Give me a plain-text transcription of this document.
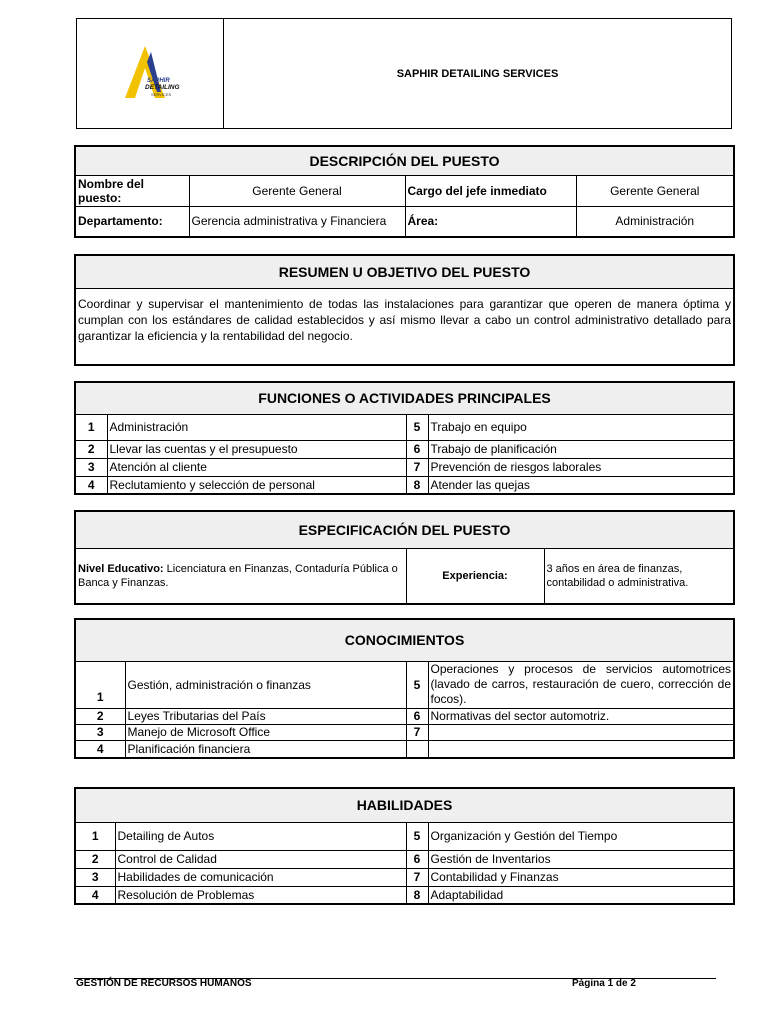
SAPHIR
DETAILING
SERVICES
SAPHIR DETAILING SERVICES
DESCRIPCIÓN DEL PUESTO			
Nombre del puesto:	Gerente General	Cargo del jefe inmediato	Gerente General
Departamento:	Gerencia administrativa y Financiera	Área:	Administración
RESUMEN U OBJETIVO DEL PUESTO
Coordinar y supervisar el mantenimiento de todas las instalaciones para garantizar que operen de manera óptima y cumplan con los estándares de calidad establecidos y así mismo llevar a cabo un control administrativo detallado para garantizar la eficiencia y la rentabilidad del negocio.
FUNCIONES O ACTIVIDADES PRINCIPALES			
1	Administración	5	Trabajo en equipo
2	Llevar las cuentas y el presupuesto	6	Trabajo de planificación
3	Atención al cliente	7	Prevención de riesgos laborales
4	Reclutamiento y selección de personal	8	Atender las quejas
ESPECIFICACIÓN DEL PUESTO
Nivel Educativo: Licenciatura en Finanzas, Contaduría Pública o Banca y Finanzas.	Experiencia:	3 años en área de finanzas, contabilidad o administrativa.
CONOCIMIENTOS			
1	Gestión, administración o finanzas	5	Operaciones y procesos de servicios automotrices (lavado de carros, restauración de cuero, corrección de focos).
2	Leyes Tributarias del País	6	Normativas del sector automotriz.
3	Manejo de Microsoft Office	7	
4	Planificación financiera		
HABILIDADES			
1	Detailing de Autos	5	Organización y Gestión del Tiempo
2	Control de Calidad	6	Gestión de Inventarios
3	Habilidades de comunicación	7	Contabilidad y Finanzas
4	Resolución de Problemas	8	Adaptabilidad
GESTIÓN DE RECURSOS HUMANOS	Página 1 de 2
